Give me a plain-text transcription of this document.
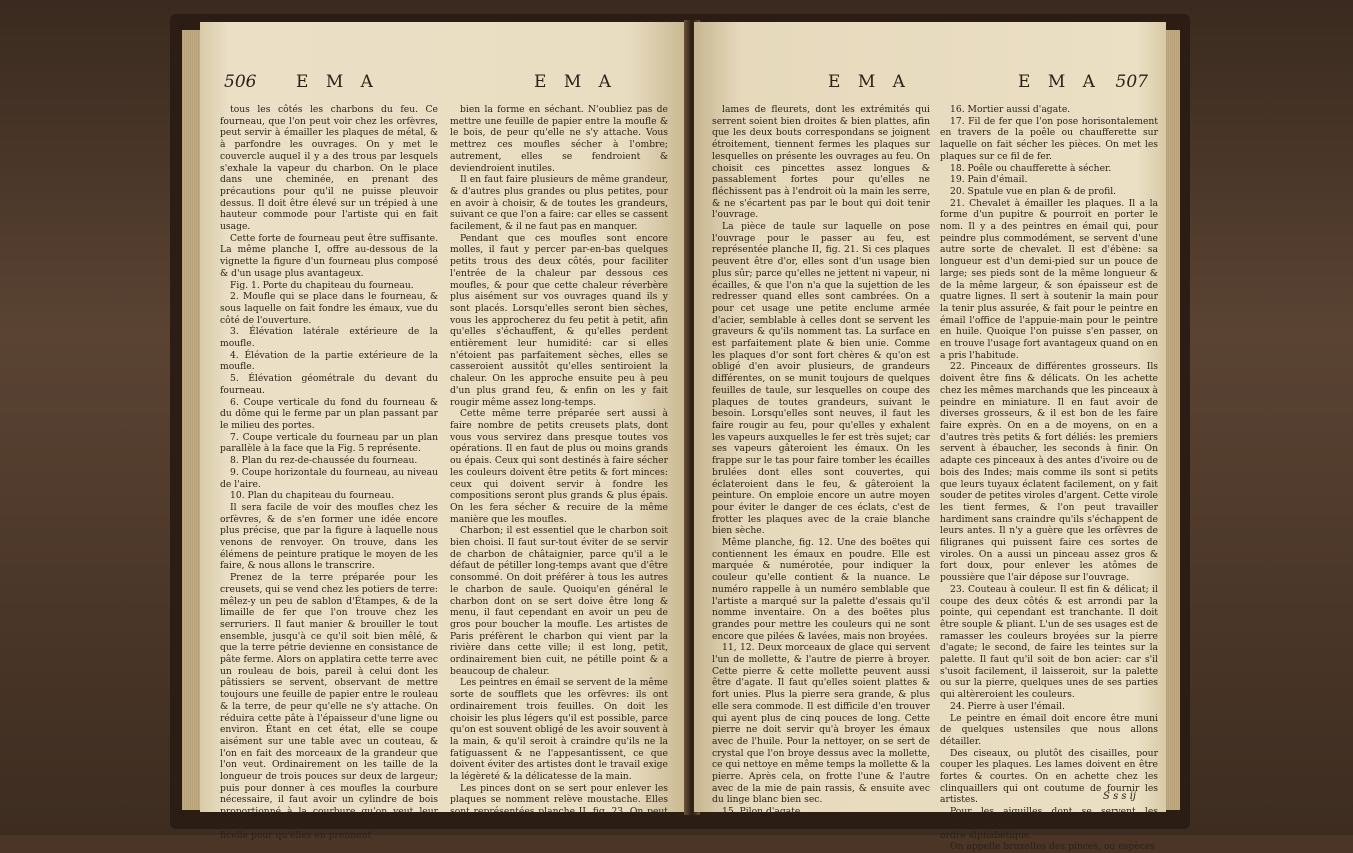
506 E M A	E M A

tous les côtés les charbons du feu. Ce fourneau, que l'on peut voir chez les orfèvres, peut servir à émailler les plaques de métal, & à parfondre les ouvrages. On y met le couvercle auquel il y a des trous par lesquels s'exhale la vapeur du charbon. On le place dans une cheminée, en prenant des précautions pour qu'il ne puisse pleuvoir dessus. Il doit être élevé sur un trépied à une hauteur commode pour l'artiste qui en fait usage.

Cette forte de fourneau peut être suffisante. La même planche I, offre au-dessous de la vignette la figure d'un fourneau plus composé & d'un usage plus avantageux.

Fig. 1. Porte du chapiteau du fourneau.

2. Moufle qui se place dans le fourneau, & sous laquelle on fait fondre les émaux, vue du côté de l'ouverture.

3. Élévation latérale extérieure de la moufle.

4. Élévation de la partie extérieure de la moufle.

5. Élévation géométrale du devant du fourneau.

6. Coupe verticale du fond du fourneau & du dôme qui le ferme par un plan passant par le milieu des portes.

7. Coupe verticale du fourneau par un plan parallèle à la face que la Fig. 5 représente.

8. Plan du rez-de-chaussée du fourneau.

9. Coupe horizontale du fourneau, au niveau de l'aire.

10. Plan du chapiteau du fourneau.

Il sera facile de voir des moufles chez les orfèvres, & de s'en former une idée encore plus précise, que par la figure à laquelle nous venons de renvoyer. On trouve, dans les élémens de peinture pratique le moyen de les faire, & nous allons le transcrire.

Prenez de la terre préparée pour les creusets, qui se vend chez les potiers de terre: mêlez-y un peu de sablon d'Étampes, & de la limaille de fer que l'on trouve chez les serruriers. Il faut manier & brouiller le tout ensemble, jusqu'à ce qu'il soit bien mêlé, & que la terre pétrie devienne en consistance de pâte ferme. Alors on applatira cette terre avec un rouleau de bois, pareil à celui dont les pâtissiers se servent, observant de mettre toujours une feuille de papier entre le rouleau & la terre, de peur qu'elle ne s'y attache. On réduira cette pâte à l'épaisseur d'une ligne ou environ. Étant en cet état, elle se coupe aisément sur une table avec un couteau, & l'on en fait des morceaux de la grandeur que l'on veut. Ordinairement on les taille de la longueur de trois pouces sur deux de largeur; puis pour donner à ces moufles la courbure nécessaire, il faut avoir un cylindre de bois proportionné à la courbure qu'on veut leur donner, & les lier sur ce cylindre avec de la ficelle pour qu'elles en prennent

bien la forme en séchant. N'oubliez pas de mettre une feuille de papier entre la moufle & le bois, de peur qu'elle ne s'y attache. Vous mettrez ces moufles sécher à l'ombre; autrement, elles se fendroient & deviendroient inutiles.

Il en faut faire plusieurs de même grandeur, & d'autres plus grandes ou plus petites, pour en avoir à choisir, & de toutes les grandeurs, suivant ce que l'on a faire: car elles se cassent facilement, & il ne faut pas en manquer.

Pendant que ces moufles sont encore molles, il faut y percer par-en-bas quelques petits trous des deux côtés, pour faciliter l'entrée de la chaleur par dessous ces moufles, & pour que cette chaleur réverbère plus aisément sur vos ouvrages quand ils y sont placés. Lorsqu'elles seront bien sèches, vous les approcherez du feu petit à petit, afin qu'elles s'échauffent, & qu'elles perdent entièrement leur humidité: car si elles n'étoient pas parfaitement sèches, elles se casseroient aussitôt qu'elles sentiroient la chaleur. On les approche ensuite peu à peu d'un plus grand feu, & enfin on les y fait rougir même assez long-temps.

Cette même terre préparée sert aussi à faire nombre de petits creusets plats, dont vous vous servirez dans presque toutes vos opérations. Il en faut de plus ou moins grands ou épais. Ceux qui sont destinés à faire sécher les couleurs doivent être petits & fort minces: ceux qui doivent servir à fondre les compositions seront plus grands & plus épais. On les fera sécher & recuire de la même manière que les moufles.

Charbon; il est essentiel que le charbon soit bien choisi. Il faut sur-tout éviter de se servir de charbon de châtaignier, parce qu'il a le défaut de pétiller long-temps avant que d'être consommé. On doit préférer à tous les autres le charbon de saule. Quoiqu'en général le charbon dont on se sert doive être long & menu, il faut cependant en avoir un peu de gros pour boucher la moufle. Les artistes de Paris préfèrent le charbon qui vient par la rivière dans cette ville; il est long, petit, ordinairement bien cuit, ne pétille point & a beaucoup de chaleur.

Les peintres en émail se servent de la même sorte de soufflets que les orfèvres: ils ont ordinairement trois feuilles. On doit les choisir les plus légers qu'il est possible, parce qu'on est souvent obligé de les avoir souvent à la main, & qu'il seroit à craindre qu'ils ne la fatiguassent & ne l'appesantissent, ce que doivent éviter des artistes dont le travail exige la légèreté & la délicatesse de la main.

Les pinces dont on se sert pour enlever les plaques se nomment relève moustache. Elles sont représentées planche II, fig. 23. On peut aussi se servir d'espèces de pincettes faites de

E M A	E M A 507

lames de fleurets, dont les extrémités qui serrent soient bien droites & bien plattes, afin que les deux bouts correspondans se joignent étroitement, tiennent fermes les plaques sur lesquelles on présente les ouvrages au feu. On choisit ces pincettes assez longues & passablement fortes pour qu'elles ne fléchissent pas à l'endroit où la main les serre, & ne s'écartent pas par le bout qui doit tenir l'ouvrage.

La pièce de taule sur laquelle on pose l'ouvrage pour le passer au feu, est représentée planche II, fig. 21. Si ces plaques peuvent être d'or, elles sont d'un usage bien plus sûr; parce qu'elles ne jettent ni vapeur, ni écailles, & que l'on n'a que la sujettion de les redresser quand elles sont cambrées. On a pour cet usage une petite enclume armée d'acier, semblable à celles dont se servent les graveurs & qu'ils nomment tas. La surface en est parfaitement plate & bien unie. Comme les plaques d'or sont fort chères & qu'on est obligé d'en avoir plusieurs, de grandeurs différentes, on se munit toujours de quelques feuilles de taule, sur lesquelles on coupe des plaques de toutes grandeurs, suivant le besoin. Lorsqu'elles sont neuves, il faut les faire rougir au feu, pour qu'elles y exhalent les vapeurs auxquelles le fer est très sujet; car ses vapeurs gâteroient les émaux. On les frappe sur le tas pour faire tomber les écailles brulées dont elles sont couvertes, qui éclateroient dans le feu, & gâteroient la peinture. On emploie encore un autre moyen pour éviter le danger de ces éclats, c'est de frotter les plaques avec de la craie blanche bien sèche.

Même planche, fig. 12. Une des boëtes qui contiennent les émaux en poudre. Elle est marquée & numérotée, pour indiquer la couleur qu'elle contient & la nuance. Le numéro rappelle à un numéro semblable que l'artiste a marqué sur la palette d'essais qu'il nomme inventaire. On a des boëtes plus grandes pour mettre les couleurs qui ne sont encore que pilées & lavées, mais non broyées.

11, 12. Deux morceaux de glace qui servent l'un de mollette, & l'autre de pierre à broyer. Cette pierre & cette mollette peuvent aussi être d'agate. Il faut qu'elles soient plattes & fort unies. Plus la pierre sera grande, & plus elle sera commode. Il est difficile d'en trouver qui ayent plus de cinq pouces de long. Cette pierre ne doit servir qu'à broyer les émaux avec de l'huile. Pour la nettoyer, on se sert de crystal que l'on broye dessus avec la mollette, ce qui nettoye en même temps la mollette & la pierre. Après cela, on frotte l'une & l'autre avec de la mie de pain rassis, & ensuite avec du linge blanc bien sec.

15. Pilon d'agate.

16. Mortier aussi d'agate.

17. Fil de fer que l'on pose horisontalement en travers de la poêle ou chaufferette sur laquelle on fait sécher les pièces. On met les plaques sur ce fil de fer.

18. Poêle ou chaufferette à sécher.

19. Pain d'émail.

20. Spatule vue en plan & de profil.

21. Chevalet à émailler les plaques. Il a la forme d'un pupitre & pourroit en porter le nom. Il y a des peintres en émail qui, pour peindre plus commodément, se servent d'une autre sorte de chevalet. Il est d'ébène: sa longueur est d'un demi-pied sur un pouce de large; ses pieds sont de la même longueur & de la même largeur, & son épaisseur est de quatre lignes. Il sert à soutenir la main pour la tenir plus assurée, & fait pour le peintre en émail l'office de l'appuie-main pour le peintre en huile. Quoique l'on puisse s'en passer, on en trouve l'usage fort avantageux quand on en a pris l'habitude.

22. Pinceaux de différentes grosseurs. Ils doivent être fins & délicats. On les achette chez les mêmes marchands que les pinceaux à peindre en miniature. Il en faut avoir de diverses grosseurs, & il est bon de les faire faire exprès. On en a de moyens, on en a d'autres très petits & fort déliés: les premiers servent à ébaucher, les seconds à finir. On adapte ces pinceaux à des antes d'ivoire ou de bois des Indes; mais comme ils sont si petits que leurs tuyaux éclatent facilement, on y fait souder de petites viroles d'argent. Cette virole les tient fermes, & l'on peut travailler hardiment sans craindre qu'ils s'échappent de leurs antes. Il n'y a guère que les orfèvres de filigranes qui puissent faire ces sortes de viroles. On a aussi un pinceau assez gros & fort doux, pour enlever les atômes de poussière que l'air dépose sur l'ouvrage.

23. Couteau à couleur. Il est fin & délicat; il coupe des deux côtés & est arrondi par la pointe, qui cependant est tranchante. Il doit être souple & pliant. L'un de ses usages est de ramasser les couleurs broyées sur la pierre d'agate; le second, de faire les teintes sur la palette. Il faut qu'il soit de bon acier: car s'il s'usoit facilement, il laisseroit, sur la palette ou sur la pierre, quelques unes de ses parties qui altèreroient les couleurs.

24. Pierre à user l'émail.

Le peintre en émail doit encore être muni de quelques ustensiles que nous allons détailler.

Des ciseaux, ou plutôt des cisailles, pour couper les plaques. Les lames doivent en être fortes & courtes. On en achette chez les clinquaillers qui ont coutume de fournir les artistes.

Pour les aiguilles dont se servent les peintres en émail, voyez le mot Aiguille à son ordre alphabétique.

On appelle bruxelles des pinces, ou espèces

S s s ij
